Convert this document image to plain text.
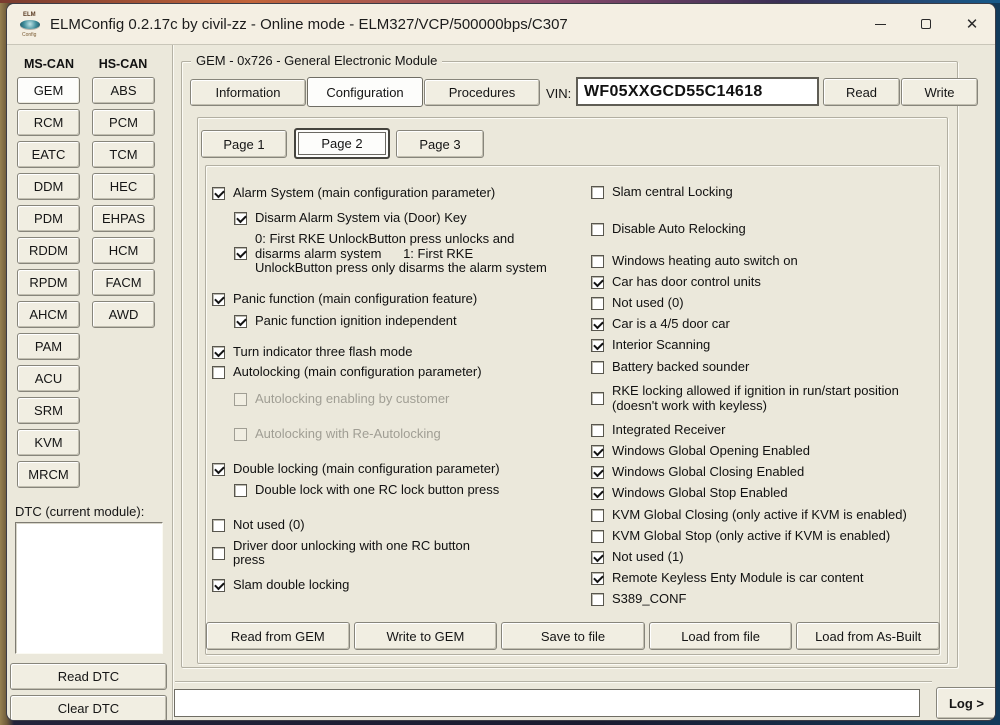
ELM
Config
ELMConfig 0.2.17c by civil-zz - Online mode - ELM327/VCP/500000bps/C307	✕
MS-CAN	HS-CAN
GEM
RCM
EATC
DDM
PDM
RDDM
RPDM
AHCM
PAM
ACU
SRM
KVM
MRCM
ABS
PCM
TCM
HEC
EHPAS
HCM
FACM
AWD
DTC (current module):
Read DTC
Clear DTC
GEM - 0x726 - General Electronic Module
Information	Configuration	Procedures	VIN:
WF05XXGCD55C14618	Read	Write
Page 1	Page 2	Page 3
Alarm System (main configuration parameter)
Disarm Alarm System via (Door) Key
0: First RKE UnlockButton press unlocks and disarms alarm system      1: First RKE UnlockButton press only disarms the alarm system
Panic function (main configuration feature)
Panic function ignition independent
Turn indicator three flash mode
Autolocking (main configuration parameter)
Autolocking enabling by customer
Autolocking with Re-Autolocking
Double locking (main configuration parameter)
Double lock with one RC lock button press
Not used (0)
Driver door unlocking with one RC button press
Slam double locking
Slam central Locking
Disable Auto Relocking
Windows heating auto switch on
Car has door control units
Not used (0)
Car is a 4/5 door car
Interior Scanning
Battery backed sounder
RKE locking allowed if ignition in run/start position (doesn't work with keyless)
Integrated Receiver
Windows Global Opening Enabled
Windows Global Closing Enabled
Windows Global Stop Enabled
KVM Global Closing (only active if KVM is enabled)
KVM Global Stop (only active if KVM is enabled)
Not used (1)
Remote Keyless Enty Module is car content
S389_CONF
Read from GEM	Write to GEM	Save to file	Load from file	Load from As-Built
Log >
